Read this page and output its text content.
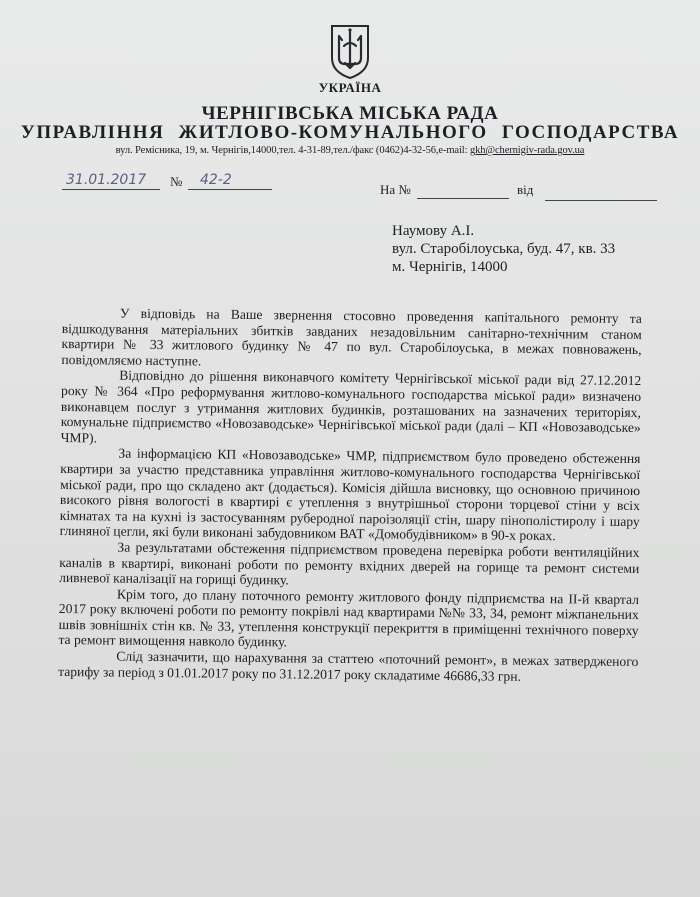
УКРАЇНА
ЧЕРНІГІВСЬКА МІСЬКА РАДА
УПРАВЛІННЯ ЖИТЛОВО-КОМУНАЛЬНОГО ГОСПОДАРСТВА
вул. Ремісника, 19, м. Чернігів,14000,тел. 4-31-89,тел./факс (0462)4-32-56,e-mail: gkh@chernigiv-rada.gov.ua
31.01.2017 № 42-2
На №	від
Наумову А.І.
вул. Старобілоуська, буд. 47, кв. 33
м. Чернігів, 14000

У відповідь на Ваше звернення стосовно проведення капітального ремонту та відшкодування матеріальних збитків завданих незадовільним санітарно-технічним станом квартири № 33 житлового будинку № 47 по вул. Старобілоуська, в межах повноважень, повідомляємо наступне.

Відповідно до рішення виконавчого комітету Чернігівської міської ради від 27.12.2012 року № 364 «Про реформування житлово-комунального господарства міської ради» визначено виконавцем послуг з утримання житлових будинків, розташованих на зазначених територіях, комунальне підприємство «Новозаводське» Чернігівської міської ради (далі – КП «Новозаводське» ЧМР).

За інформацією КП «Новозаводське» ЧМР, підприємством було проведено обстеження квартири за участю представника управління житлово-комунального господарства Чернігівської міської ради, про що складено акт (додається). Комісія дійшла висновку, що основною причиною високого рівня вологості в квартирі є утеплення з внутрішньої сторони торцевої стіни у всіх кімнатах та на кухні із застосуванням руберодної пароізоляції стін, шару пінополістиролу і шару глиняної цегли, які були виконані забудовником ВАТ «Домобудівником» в 90-х роках.

За результатами обстеження підприємством проведена перевірка роботи вентиляційних каналів в квартирі, виконані роботи по ремонту вхідних дверей на горище та ремонт системи ливневої каналізації на горищі будинку.

Крім того, до плану поточного ремонту житлового фонду підприємства на ІІ-й квартал 2017 року включені роботи по ремонту покрівлі над квартирами №№ 33, 34, ремонт міжпанельних швів зовнішніх стін кв. № 33, утеплення конструкції перекриття в приміщенні технічного поверху та ремонт вимощення навколо будинку.

Слід зазначити, що нарахування за статтею «поточний ремонт», в межах затвердженого тарифу за період з 01.01.2017 року по 31.12.2017 року складатиме 46686,33 грн.
